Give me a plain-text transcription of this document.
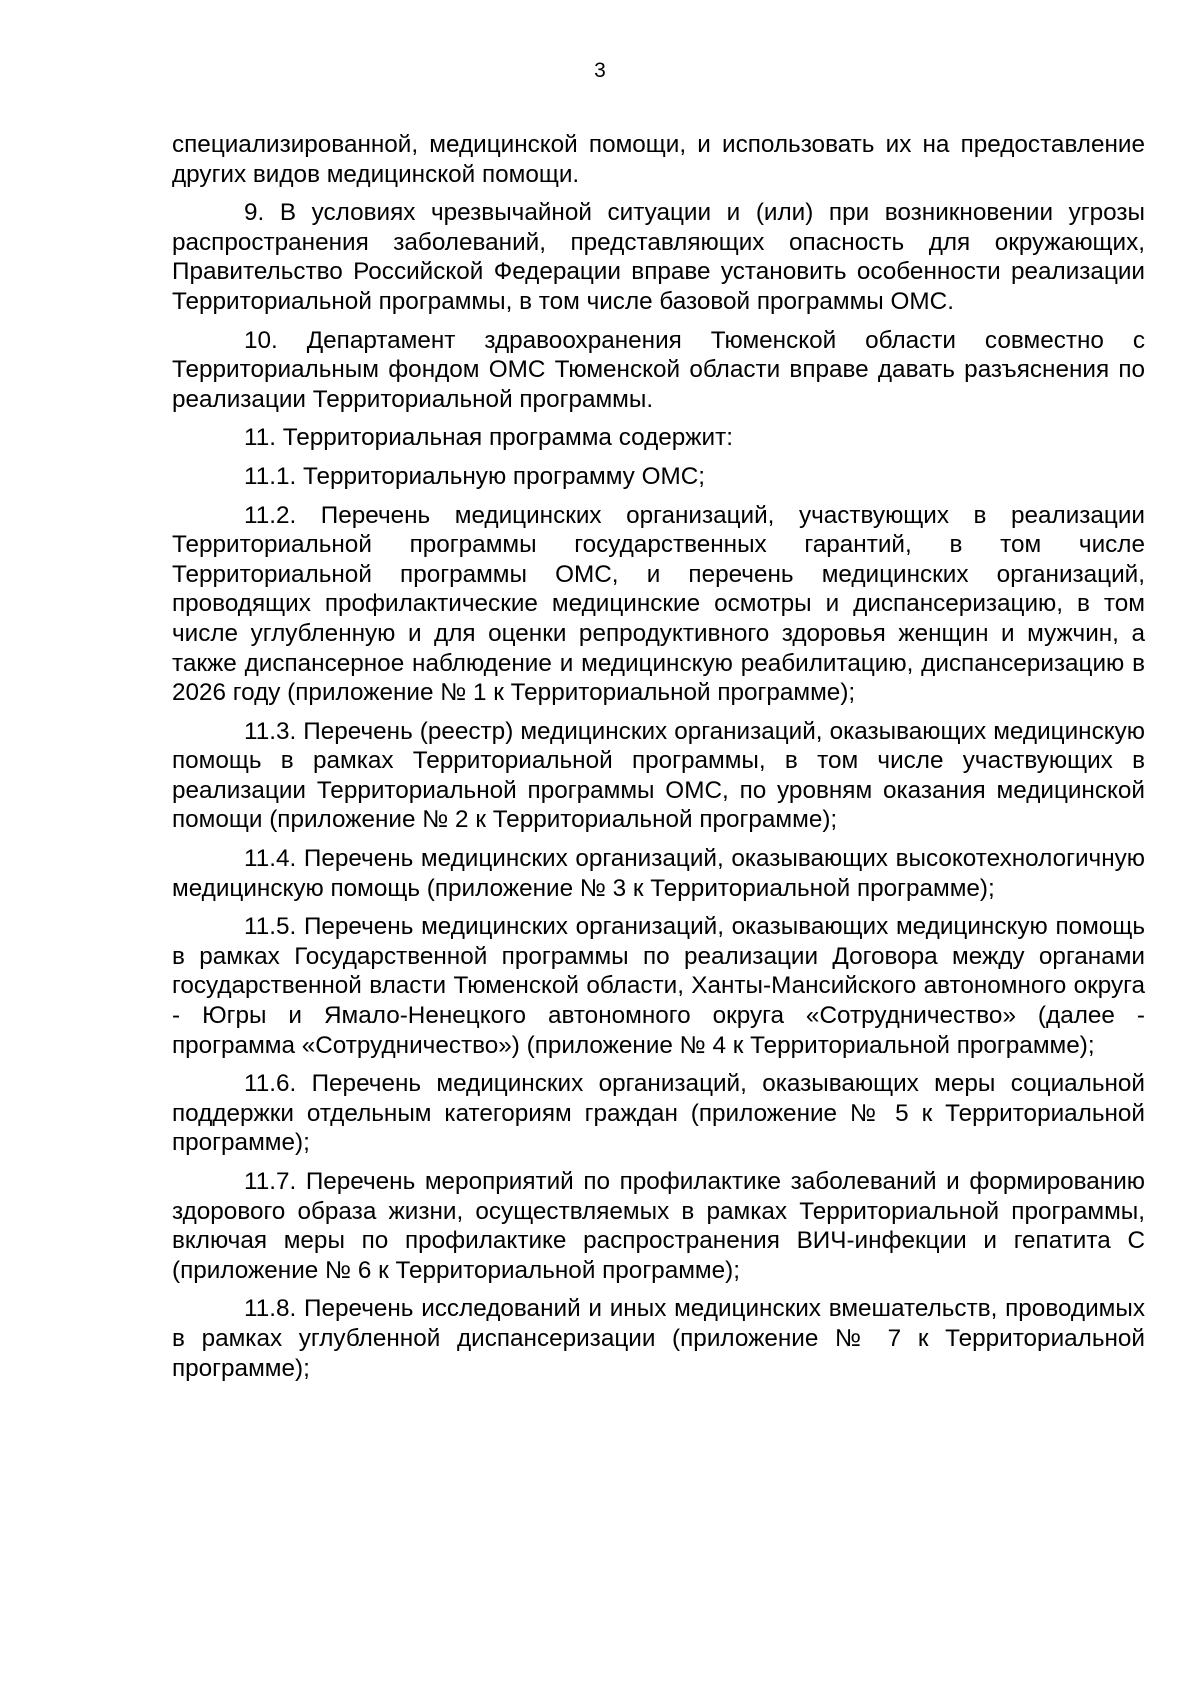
3

специализированной, медицинской помощи, и использовать их на предоставление других видов медицинской помощи.

9. В условиях чрезвычайной ситуации и (или) при возникновении угрозы распространения заболеваний, представляющих опасность для окружающих, Правительство Российской Федерации вправе установить особенности реализации Территориальной программы, в том числе базовой программы ОМС.

10. Департамент здравоохранения Тюменской области совместно с Территориальным фондом ОМС Тюменской области вправе давать разъяснения по реализации Территориальной программы.

11. Территориальная программа содержит:

11.1. Территориальную программу ОМС;

11.2. Перечень медицинских организаций, участвующих в реализации Территориальной программы государственных гарантий, в том числе Территориальной программы ОМС, и перечень медицинских организаций, проводящих профилактические медицинские осмотры и диспансеризацию, в том числе углубленную и для оценки репродуктивного здоровья женщин и мужчин, а также диспансерное наблюдение и медицинскую реабилитацию, диспансеризацию в 2026 году (приложение № 1 к Территориальной программе);

11.3. Перечень (реестр) медицинских организаций, оказывающих медицинскую помощь в рамках Территориальной программы, в том числе участвующих в реализации Территориальной программы ОМС, по уровням оказания медицинской помощи (приложение № 2 к Территориальной программе);

11.4. Перечень медицинских организаций, оказывающих высокотехнологичную медицинскую помощь (приложение № 3 к Территориальной программе);

11.5. Перечень медицинских организаций, оказывающих медицинскую помощь в рамках Государственной программы по реализации Договора между органами государственной власти Тюменской области, Ханты-Мансийского автономного округа - Югры и Ямало-Ненецкого автономного округа «Сотрудничество» (далее - программа «Сотрудничество») (приложение № 4 к Территориальной программе);

11.6. Перечень медицинских организаций, оказывающих меры социальной поддержки отдельным категориям граждан (приложение № 5 к Территориальной программе);

11.7. Перечень мероприятий по профилактике заболеваний и формированию здорового образа жизни, осуществляемых в рамках Территориальной программы, включая меры по профилактике распространения ВИЧ-инфекции и гепатита С (приложение № 6 к Территориальной программе);

11.8. Перечень исследований и иных медицинских вмешательств, проводимых в рамках углубленной диспансеризации (приложение № 7 к Территориальной программе);
